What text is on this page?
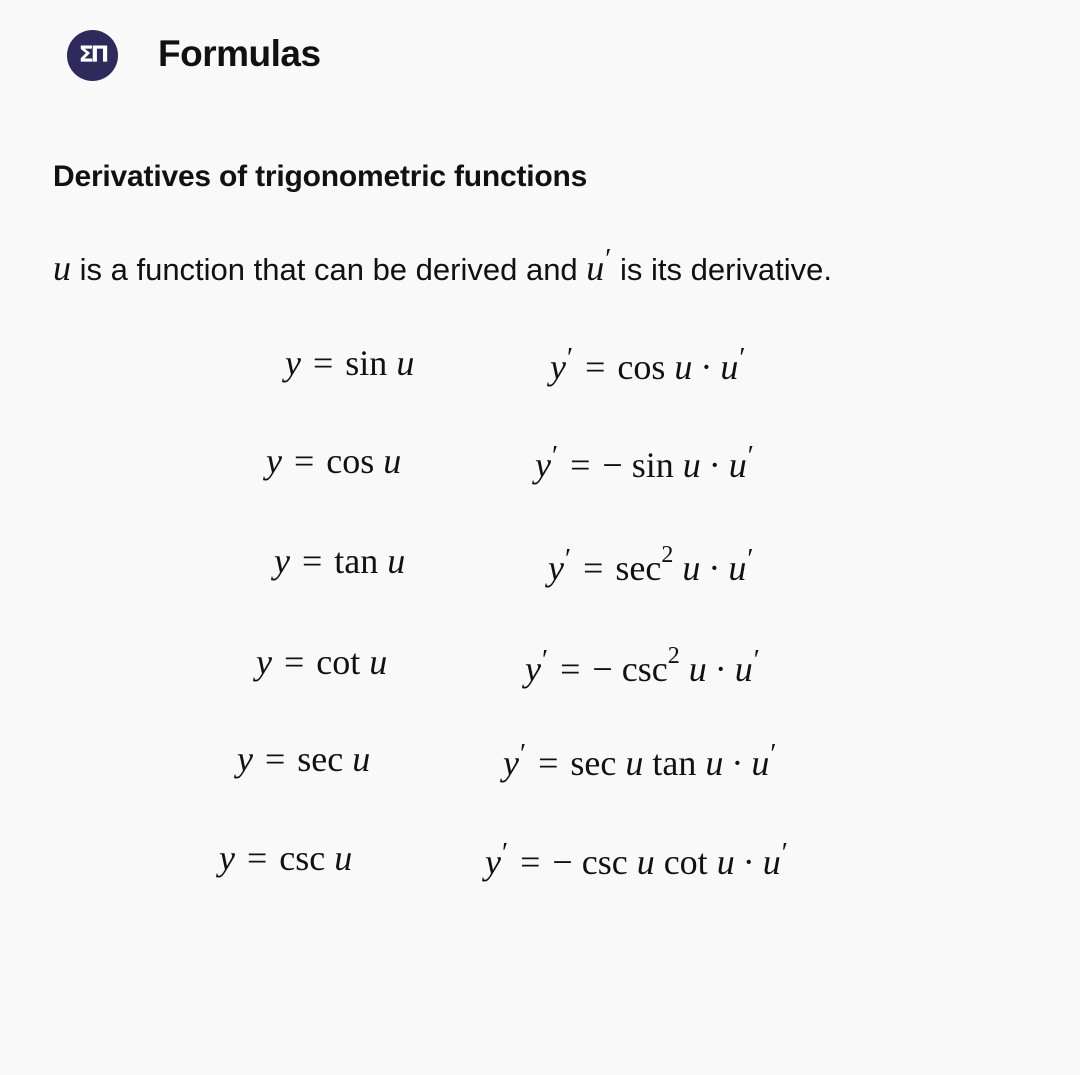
ΣΠ	Formulas
Derivatives of trigonometric functions
u is a function that can be derived and u′ is its derivative.
y = sin u	y′ = cos u · u′
y = cos u	y′ = − sin u · u′
y = tan u	$y' = \sec^2 u \cdot u'$
y = cot u	y′ = − $\csc^2 u \cdot u'$
y = sec u	y′ = sec u tan u · u′
y = csc u	y′ = − csc u cot u · u′
